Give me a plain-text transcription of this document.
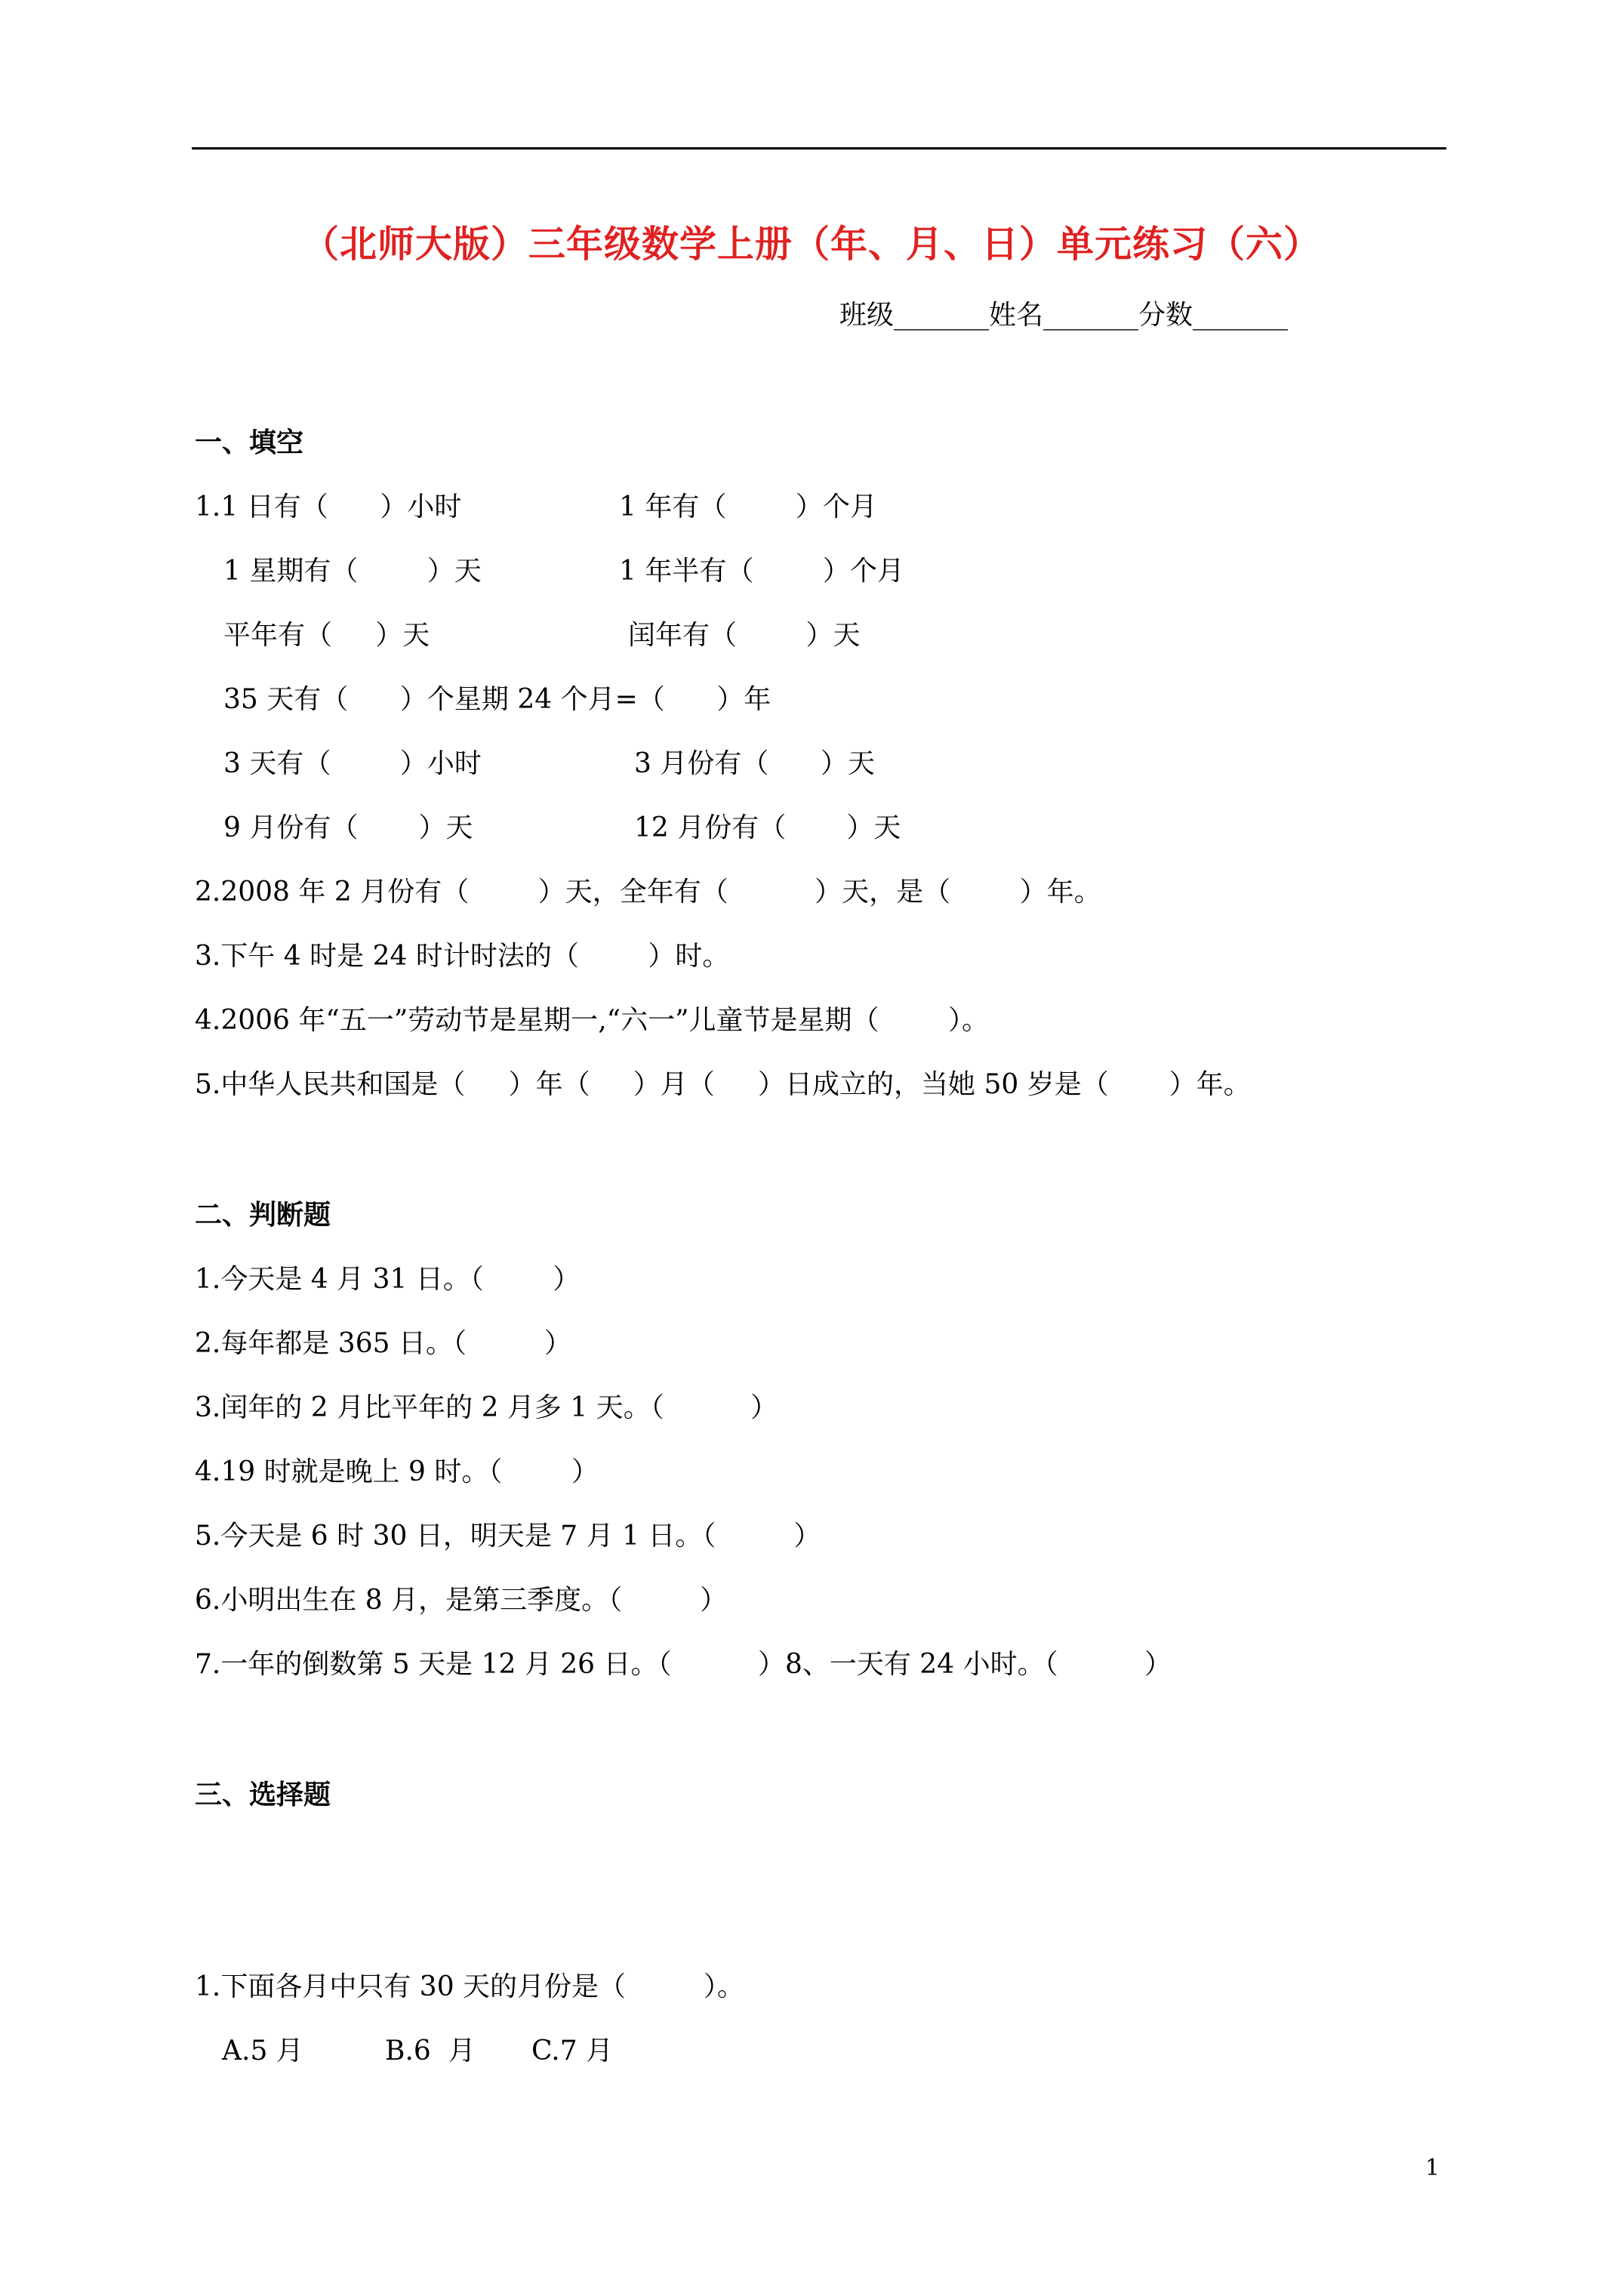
（北师大版）三年级数学上册（年、月、日）单元练习（六）
班级_______姓名_______分数_______
一、填空
1.1 日有（      ）小时	1 年有（        ）个月
1 星期有（        ）天	1 年半有（        ）个月
平年有（     ）天	闰年有（        ）天
35 天有（      ）个星期 24 个月=（      ）年
3 天有（        ）小时	3 月份有（      ）天
9 月份有（       ）天	12 月份有（       ）天
2.2008 年 2 月份有（        ）天，全年有（          ）天，是（        ）年。
3.下午 4 时是 24 时计时法的（        ）时。
4.2006 年“五一”劳动节是星期一,“六一”儿童节是星期（        ）。
5.中华人民共和国是（     ）年（     ）月（     ）日成立的，当她 50 岁是（       ）年。
二、判断题
1.今天是 4 月 31 日。（        ）
2.每年都是 365 日。（         ）
3.闰年的 2 月比平年的 2 月多 1 天。（          ）
4.19 时就是晚上 9 时。（        ）
5.今天是 6 时 30 日，明天是 7 月 1 日。（         ）
6.小明出生在 8 月，是第三季度。（         ）
7.一年的倒数第 5 天是 12 月 26 日。（          ）8、一天有 24 小时。（          ）
三、选择题
1.下面各月中只有 30 天的月份是（         ）。
A.5 月	B.6  月 C.7 月
1
